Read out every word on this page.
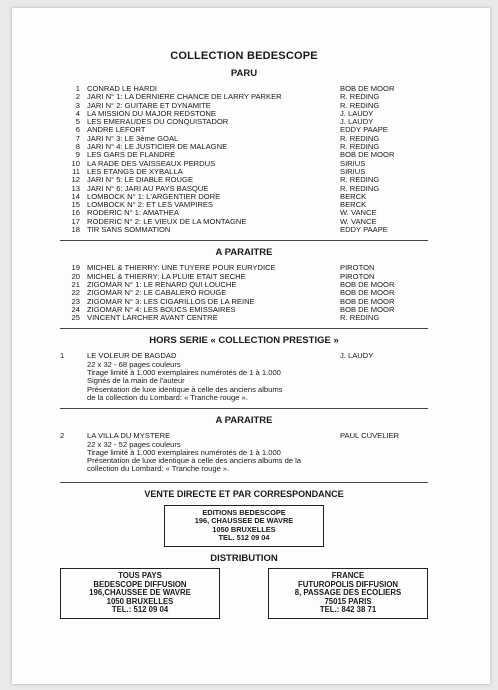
COLLECTION BEDESCOPE
PARU
1 CONRAD LE HARDI	BOB DE MOOR
2 JARI N° 1: LA DERNIERE CHANCE DE LARRY PARKER	R. REDING
3 JARI N° 2: GUITARE ET DYNAMITE	R. REDING
4 LA MISSION DU MAJOR REDSTONE	J. LAUDY
5 LES EMERAUDES DU CONQUISTADOR	J. LAUDY
6 ANDRE LEFORT	EDDY PAAPE
7 JARI N° 3: LE 3ème GOAL	R. REDING
8 JARI N° 4: LE JUSTICIER DE MALAGNE	R. REDING
9 LES GARS DE FLANDRE	BOB DE MOOR
10 LA RADE DES VAISSEAUX PERDUS	SIRIUS
11 LES ETANGS DE XYBALLA	SIRIUS
12 JARI N° 5: LE DIABLE ROUGE	R. REDING
13 JARI N° 6: JARI AU PAYS BASQUE	R. REDING
14 LOMBOCK N° 1: L'ARGENTIER DORE	BERCK
15 LOMBOCK N° 2: ET LES VAMPIRES	BERCK
16 RODERIC N° 1: AMATHEA	W. VANCE
17 RODERIC N° 2: LE VIEUX DE LA MONTAGNE	W. VANCE
18 TIR SANS SOMMATION	EDDY PAAPE
A PARAITRE
19 MICHEL & THIERRY: UNE TUYERE POUR EURYDICE	PIROTON
20 MICHEL & THIERRY: LA PLUIE ETAIT SECHE	PIROTON
21 ZIGOMAR N° 1: LE RENARD QUI LOUCHE	BOB DE MOOR
22 ZIGOMAR N° 2: LE CABALERO ROUGE	BOB DE MOOR
23 ZIGOMAR N° 3: LES CIGARILLOS DE LA REINE	BOB DE MOOR
24 ZIGOMAR N° 4: LES BOUCS EMISSAIRES	BOB DE MOOR
25 VINCENT LARCHER AVANT CENTRE	R. REDING
HORS SERIE « COLLECTION PRESTIGE »
1	LE VOLEUR DE BAGDAD	J. LAUDY
22 x 32 - 68 pages couleurs
Tirage limité à 1.000 exemplaires numérotés de 1 à 1.000
Signés de la main de l'auteur
Présentation de luxe identique à celle des anciens albums
de la collection du Lombard: « Tranche rouge ».
A PARAITRE
2	LA VILLA DU MYSTERE	PAUL CUVELIER
22 x 32 - 52 pages couleurs
Tirage limité à 1.000 exemplaires numérotés de 1 à 1.000
Présentation de luxe identique à celle des anciens albums de la
collection du Lombard: « Tranche rouge ».
VENTE DIRECTE ET PAR CORRESPONDANCE
EDITIONS BEDESCOPE
196, CHAUSSEE DE WAVRE
1050 BRUXELLES
TEL. 512 09 04
DISTRIBUTION
TOUS PAYS
BEDESCOPE DIFFUSION
196,CHAUSSEE DE WAVRE
1050 BRUXELLES
TEL.: 512 09 04
FRANCE
FUTUROPOLIS DIFFUSION
8, PASSAGE DES ECOLIERS
75015 PARIS
TEL.: 842 38 71
